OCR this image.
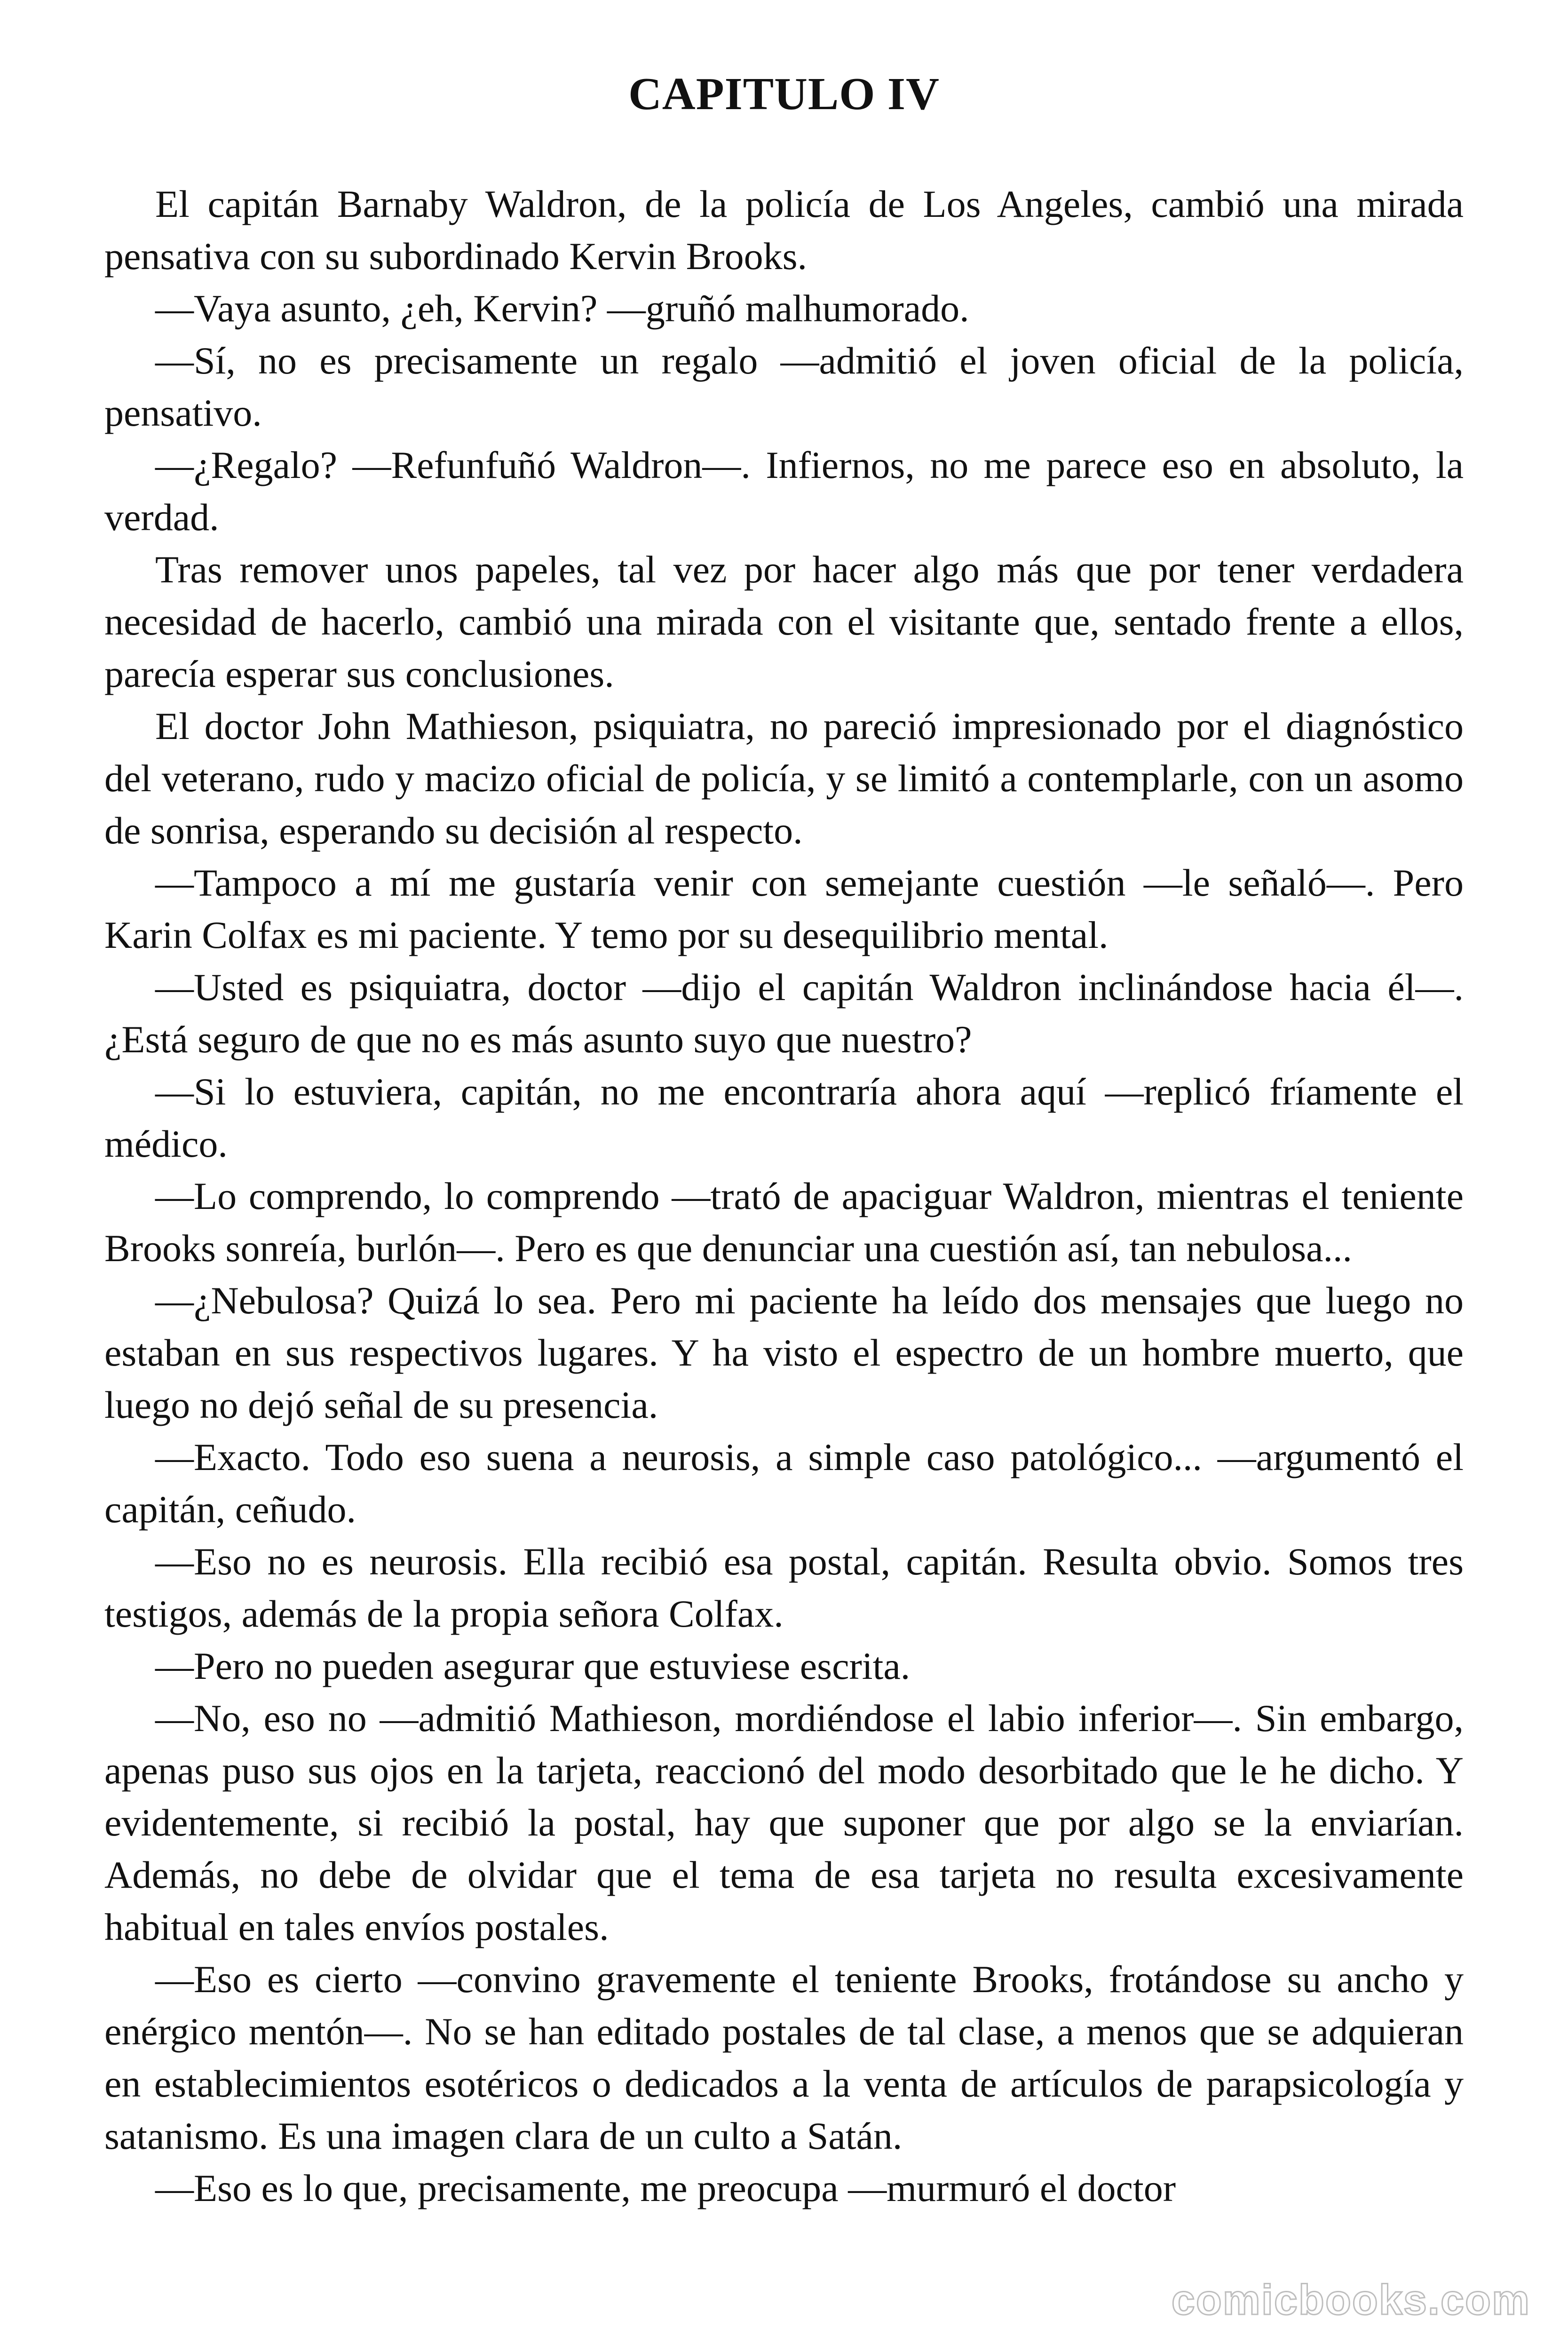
CAPITULO IV

El capitán Barnaby Waldron, de la policía de Los Angeles, cambió una mirada pensativa con su subordinado Kervin Brooks.

—Vaya asunto, ¿eh, Kervin? —gruñó malhumorado.

—Sí, no es precisamente un regalo —admitió el joven oficial de la policía, pensativo.

—¿Regalo? —Refunfuñó Waldron—. Infiernos, no me parece eso en absoluto, la verdad.

Tras remover unos papeles, tal vez por hacer algo más que por tener verdadera necesidad de hacerlo, cambió una mirada con el visitante que, sentado frente a ellos, parecía esperar sus conclusiones.

El doctor John Mathieson, psiquiatra, no pareció impresionado por el diagnóstico del veterano, rudo y macizo oficial de policía, y se limitó a contemplarle, con un asomo de sonrisa, esperando su decisión al respecto.

—Tampoco a mí me gustaría venir con semejante cuestión —le señaló—. Pero Karin Colfax es mi paciente. Y temo por su desequilibrio mental.

—Usted es psiquiatra, doctor —dijo el capitán Waldron inclinándose hacia él—. ¿Está seguro de que no es más asunto suyo que nuestro?

—Si lo estuviera, capitán, no me encontraría ahora aquí —replicó fríamente el médico.

—Lo comprendo, lo comprendo —trató de apaciguar Waldron, mientras el teniente Brooks sonreía, burlón—. Pero es que denunciar una cuestión así, tan nebulosa...

—¿Nebulosa? Quizá lo sea. Pero mi paciente ha leído dos mensajes que luego no estaban en sus respectivos lugares. Y ha visto el espectro de un hombre muerto, que luego no dejó señal de su presencia.

—Exacto. Todo eso suena a neurosis, a simple caso patológico... —argumentó el capitán, ceñudo.

—Eso no es neurosis. Ella recibió esa postal, capitán. Resulta obvio. Somos tres testigos, además de la propia señora Colfax.

—Pero no pueden asegurar que estuviese escrita.

—No, eso no —admitió Mathieson, mordiéndose el labio inferior—. Sin embargo, apenas puso sus ojos en la tarjeta, reaccionó del modo desorbitado que le he dicho. Y evidentemente, si recibió la postal, hay que suponer que por algo se la enviarían. Además, no debe de olvidar que el tema de esa tarjeta no resulta excesivamente habitual en tales envíos postales.

—Eso es cierto —convino gravemente el teniente Brooks, frotándose su ancho y enérgico mentón—. No se han editado postales de tal clase, a menos que se adquieran en establecimientos esotéricos o dedicados a la venta de artículos de parapsicología y satanismo. Es una imagen clara de un culto a Satán.

—Eso es lo que, precisamente, me preocupa —murmuró el doctor

comicbooks.com
